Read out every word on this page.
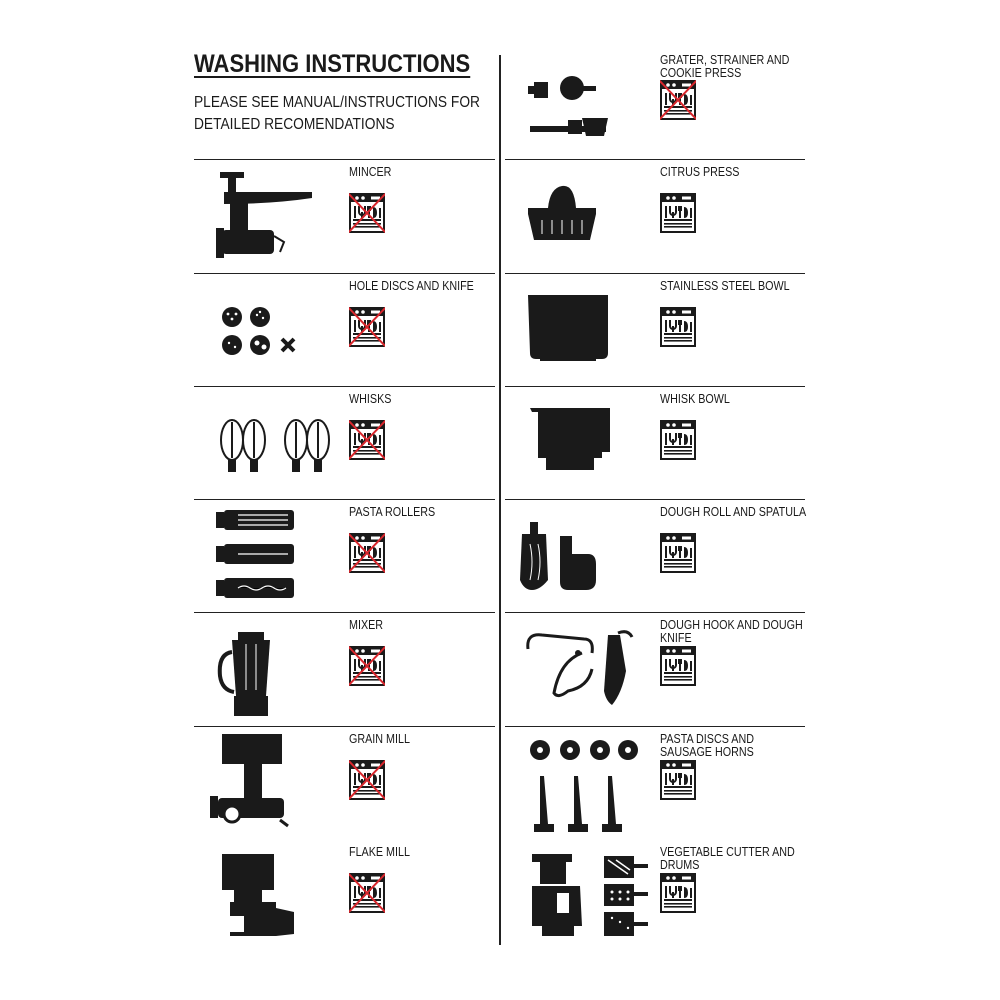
WASHING INSTRUCTIONS
PLEASE SEE MANUAL/INSTRUCTIONS FOR DETAILED RECOMENDATIONS
MINCER
HOLE DISCS AND KNIFE
WHISKS
PASTA ROLLERS
MIXER
GRAIN MILL
FLAKE MILL
GRATER, STRAINER AND COOKIE PRESS
CITRUS PRESS
STAINLESS STEEL BOWL
WHISK BOWL
DOUGH ROLL AND SPATULA
DOUGH HOOK AND DOUGH KNIFE
PASTA DISCS AND SAUSAGE HORNS
VEGETABLE CUTTER AND DRUMS
